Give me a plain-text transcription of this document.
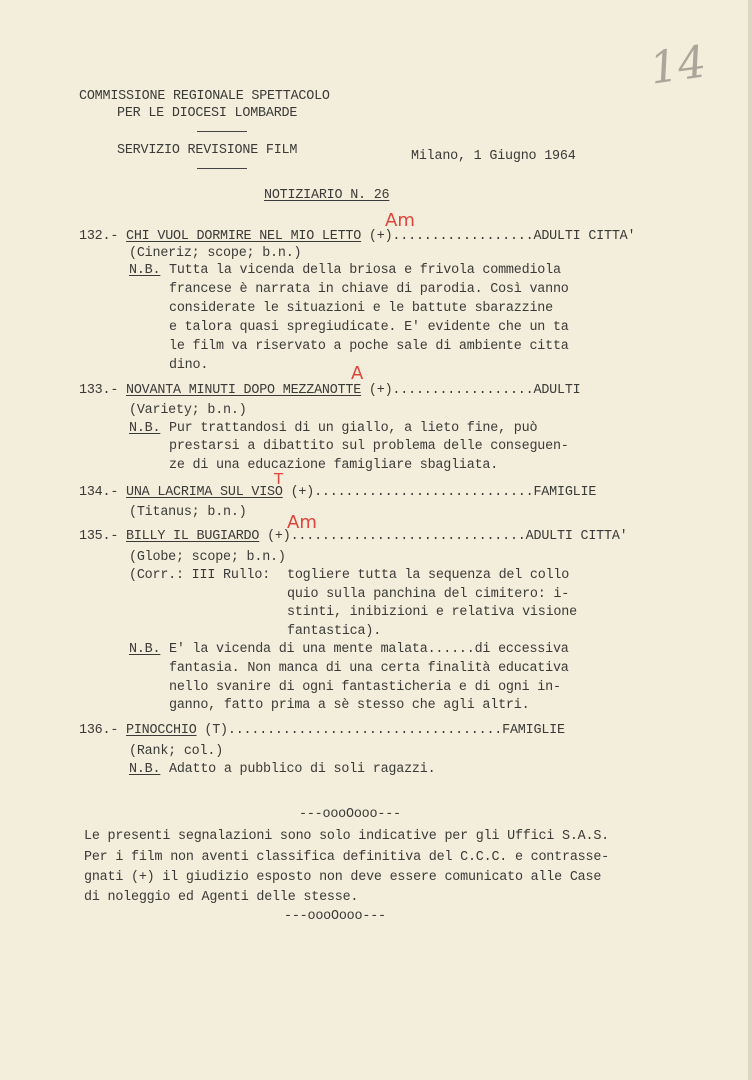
14
COMMISSIONE REGIONALE SPETTACOLO
PER LE DIOCESI LOMBARDE
SERVIZIO REVISIONE FILM	Milano, 1 Giugno 1964
NOTIZIARIO N. 26
Am
132.- CHI VUOL DORMIRE NEL MIO LETTO (+)..................ADULTI CITTA'
(Cineriz; scope; b.n.)
N.B. Tutta la vicenda della briosa e frivola commediola
francese è narrata in chiave di parodia. Così vanno
considerate le situazioni e le battute sbarazzine
e talora quasi spregiudicate. E' evidente che un ta
le film va riservato a poche sale di ambiente citta
dino.	A
133.- NOVANTA MINUTI DOPO MEZZANOTTE (+)..................ADULTI
(Variety; b.n.)
N.B. Pur trattandosi di un giallo, a lieto fine, può
prestarsi a dibattito sul problema delle conseguen-
ze di una educazione famigliare sbagliata.
T
134.- UNA LACRIMA SUL VISO (+)............................FAMIGLIE
(Titanus; b.n.) Am
135.- BILLY IL BUGIARDO (+)..............................ADULTI CITTA'
(Globe; scope; b.n.)
(Corr.: III Rullo: togliere tutta la sequenza del collo
quio sulla panchina del cimitero: i-
stinti, inibizioni e relativa visione
fantastica).
N.B. E' la vicenda di una mente malata......di eccessiva
fantasia. Non manca di una certa finalità educativa
nello svanire di ogni fantasticheria e di ogni in-
ganno, fatto prima a sè stesso che agli altri.
136.- PINOCCHIO (T)...................................FAMIGLIE
(Rank; col.)
N.B. Adatto a pubblico di soli ragazzi.
---oooOooo---
Le presenti segnalazioni sono solo indicative per gli Uffici S.A.S.
Per i film non aventi classifica definitiva del C.C.C. e contrasse-
gnati (+) il giudizio esposto non deve essere comunicato alle Case
di noleggio ed Agenti delle stesse.
---oooOooo---
